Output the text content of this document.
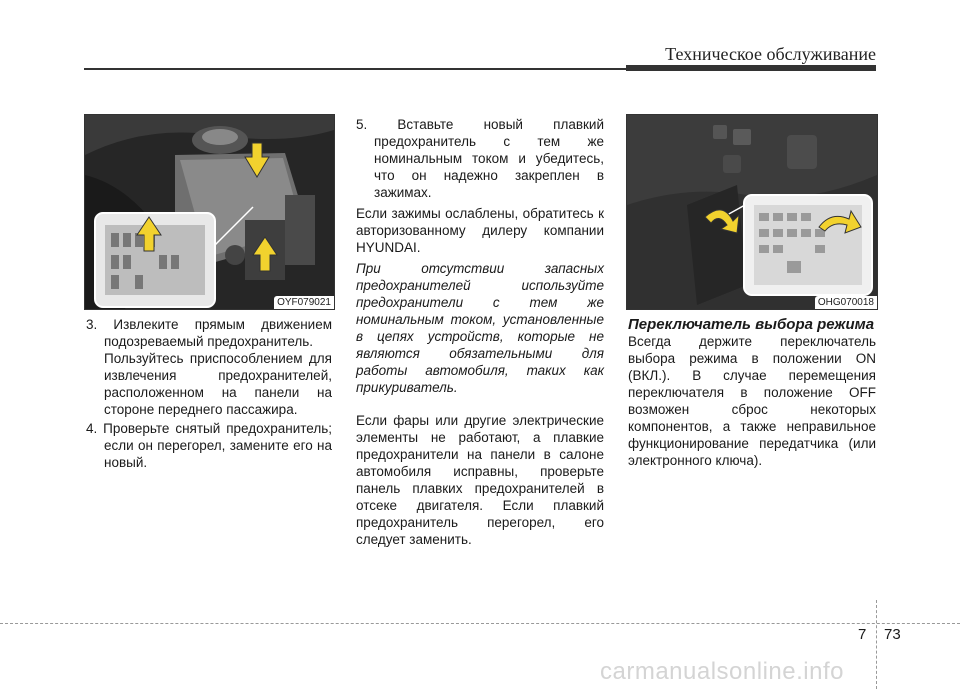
Техническое обслуживание
OYF079021	OHG070018

3. Извлеките прямым движением подозреваемый предохранитель.

Пользуйтесь приспособлением для извлечения предохранителей, расположенном на панели на стороне переднего пассажира.

4. Проверьте снятый предохранитель; если он перегорел, замените его на новый.

5. Вставьте новый плавкий предохранитель с тем же номинальным током и убедитесь, что он надежно закреплен в зажимах.

Если зажимы ослаблены, обратитесь к авторизованному дилеру компании HYUNDAI.

При отсутствии запасных предохранителей используйте предохранители с тем же номинальным током, установленные в цепях устройств, которые не являются обязательными для работы автомобиля, таких как прикуриватель.

Если фары или другие электрические элементы не работают, а плавкие предохранители на панели в салоне автомобиля исправны, проверьте панель плавких предохранителей в отсеке двигателя. Если плавкий предохранитель перегорел, его следует заменить.

Переключатель выбора режима

Всегда держите переключатель выбора режима в положении ON (ВКЛ.). В случае перемещения переключателя в положение OFF возможен сброс некоторых компонентов, а также неправильное функционирование передатчика (или электронного ключа).

7 73
carmanualsonline.info
